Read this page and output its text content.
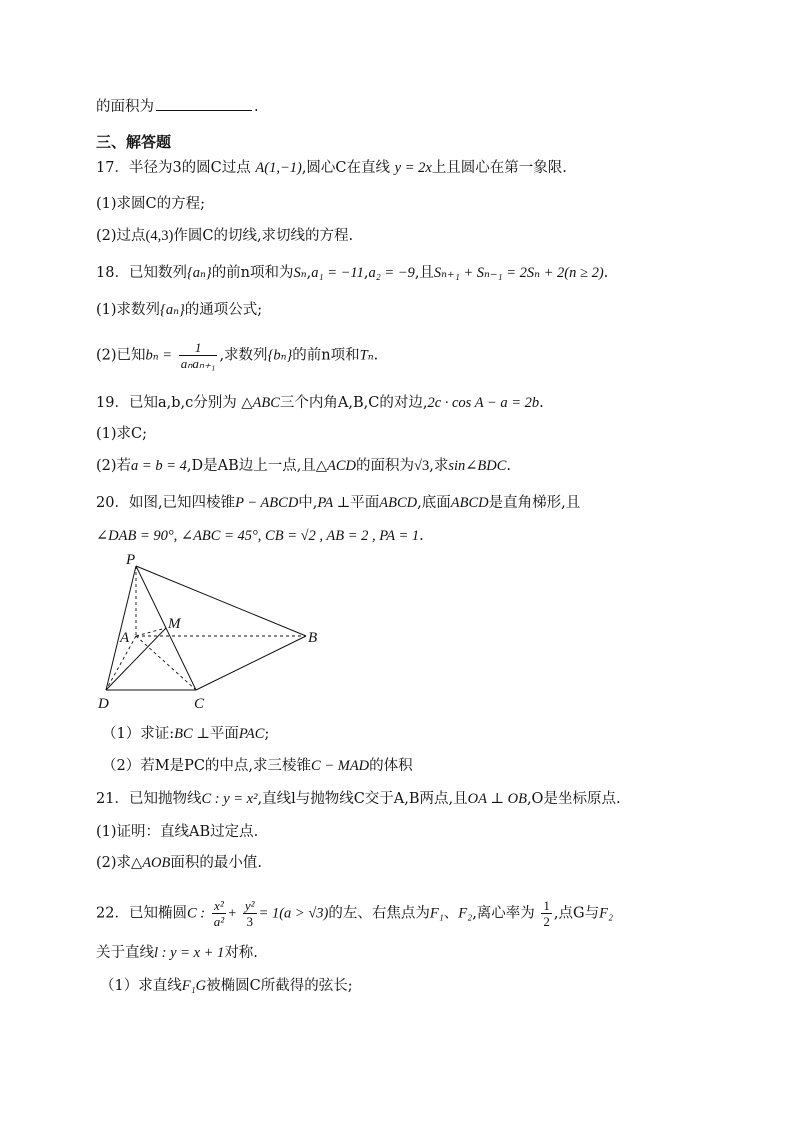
的面积为	.
三、解答题
17．半径为3的圆C过点 A(1,−1),圆心C在直线 y = 2x上且圆心在第一象限.
(1)求圆C的方程;
(2)过点(4,3)作圆C的切线,求切线的方程.
18．已知数列{aₙ}的前n项和为Sₙ,a₁ = −11,a₂ = −9,且Sₙ₊₁ + Sₙ₋₁ = 2Sₙ + 2(n ≥ 2).
(1)求数列{aₙ}的通项公式;
(2)已知$b_n = \frac{1}{\text{aₙaₙ₊₁}}$ ,求数列{bₙ}的前n项和Tₙ.
19．已知a,b,c分别为 △ABC三个内角A,B,C的对边,2c · cos A − a = 2b.
(1)求C;
(2)若a = b = 4,D是AB边上一点,且△ACD的面积为√3,求sin∠BDC.
20．如图,已知四棱锥P − ABCD中,PA ⊥平面ABCD,底面ABCD是直角梯形,且
∠DAB = 90°, ∠ABC = 45°, CB = √2 , AB = 2 , PA = 1.
P
A
M
B
D	C
（1）求证:BC ⊥平面PAC;
（2）若M是PC的中点,求三棱锥C − MAD的体积
21．已知抛物线C : y = x²,直线l与抛物线C交于A,B两点,且OA ⊥ OB,O是坐标原点.
(1)证明：直线AB过定点.
(2)求△AOB面积的最小值.
22．已知椭圆C : $\frac{\text{x²}}{\text{a²}} + \frac{\text{y²}}{3} = 1(a > √3)$的左、右焦点为F₁、F₂,离心率为 $\frac{1}{2}$ ,点G与F₂
关于直线l : y = x + 1对称.
（1）求直线F₁G被椭圆C所截得的弦长;
